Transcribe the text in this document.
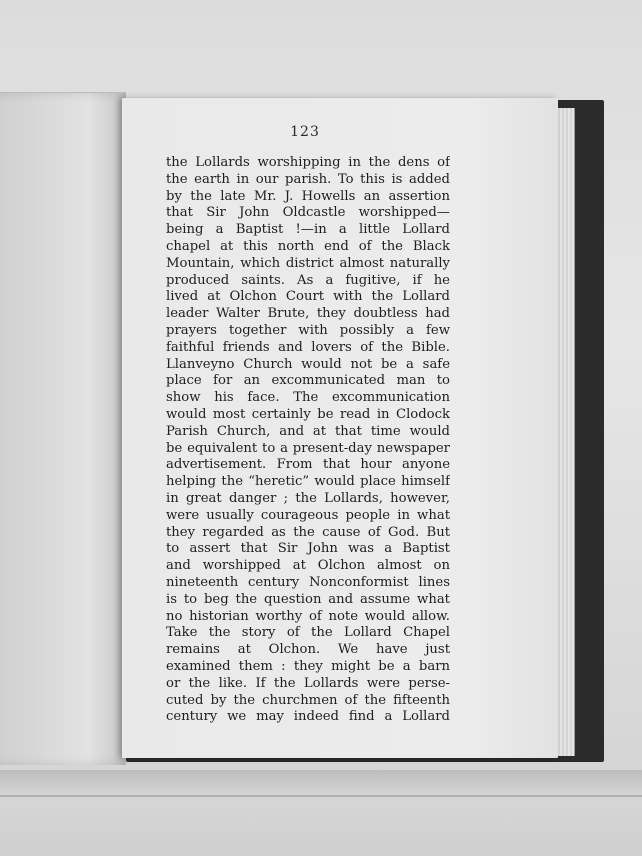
123
the Lollards worshipping in the dens of
the earth in our parish. To this is added
by the late Mr. J. Howells an assertion
that Sir John Oldcastle worshipped—
being a Baptist !—in a little Lollard
chapel at this north end of the Black
Mountain, which district almost naturally
produced saints. As a fugitive, if he
lived at Olchon Court with the Lollard
leader Walter Brute, they doubtless had
prayers together with possibly a few
faithful friends and lovers of the Bible.
Llanveyno Church would not be a safe
place for an excommunicated man to
show his face. The excommunication
would most certainly be read in Clodock
Parish Church, and at that time would
be equivalent to a present-day newspaper
advertisement. From that hour anyone
helping the “heretic” would place himself
in great danger ; the Lollards, however,
were usually courageous people in what
they regarded as the cause of God. But
to assert that Sir John was a Baptist
and worshipped at Olchon almost on
nineteenth century Nonconformist lines
is to beg the question and assume what
no historian worthy of note would allow.
Take the story of the Lollard Chapel
remains at Olchon. We have just
examined them : they might be a barn
or the like. If the Lollards were perse-
cuted by the churchmen of the fifteenth
century we may indeed find a Lollard
